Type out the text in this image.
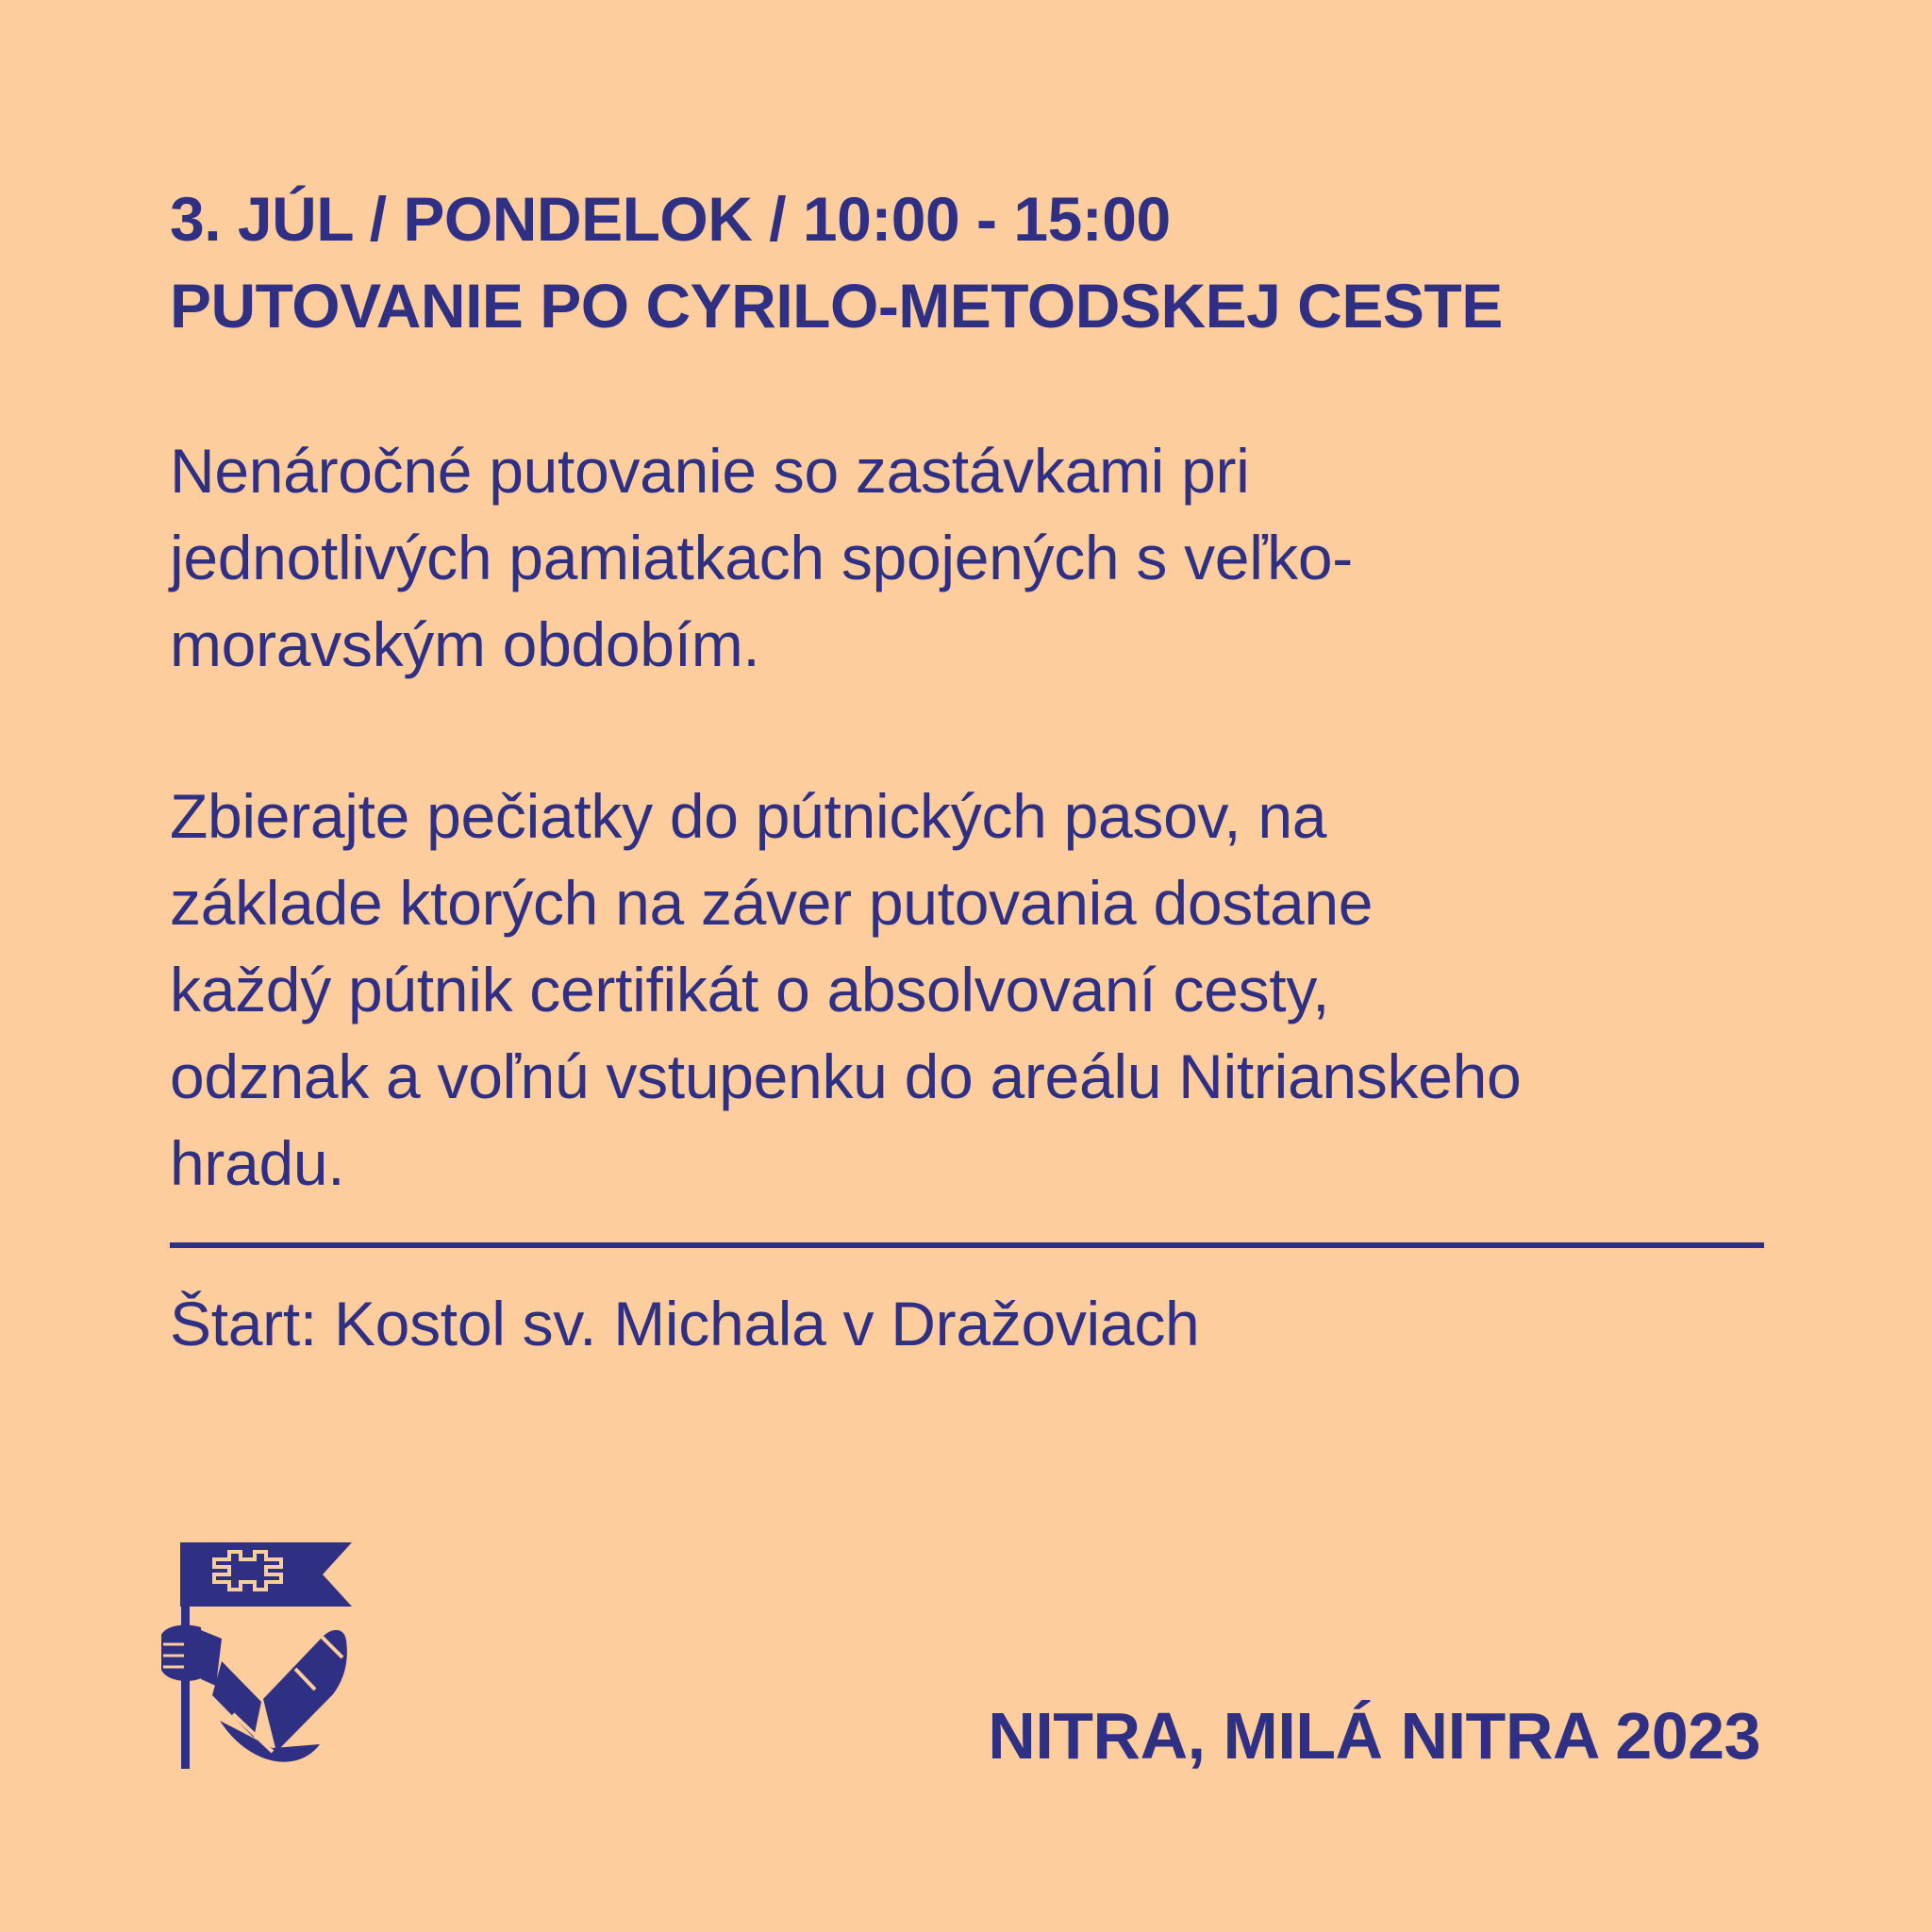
3. JÚL / PONDELOK / 10:00 - 15:00
PUTOVANIE PO CYRILO-METODSKEJ CESTE
Nenáročné putovanie so zastávkami pri
jednotlivých pamiatkach spojených s veľko-
moravským obdobím.
Zbierajte pečiatky do pútnických pasov, na
základe ktorých na záver putovania dostane
každý pútnik certifikát o absolvovaní cesty,
odznak a voľnú vstupenku do areálu Nitrianskeho
hradu.
Štart: Kostol sv. Michala v Dražoviach
NITRA, MILÁ NITRA 2023
